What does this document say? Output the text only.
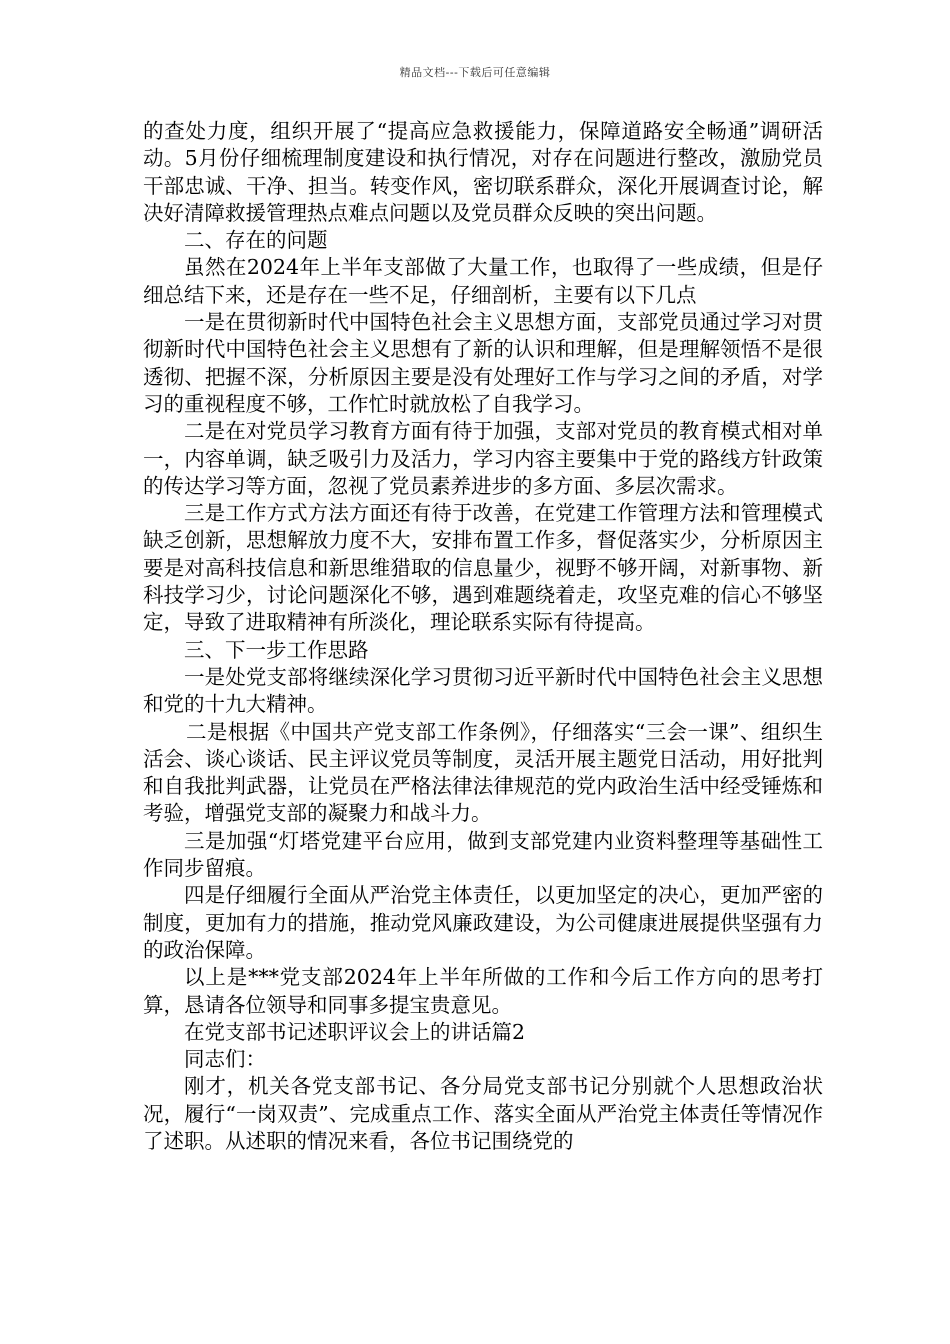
精品文档---下载后可任意编辑

的查处力度，组织开展了“提高应急救援能力，保障道路安全畅通”调研活动。5月份仔细梳理制度建设和执行情况，对存在问题进行整改，激励党员干部忠诚、干净、担当。转变作风，密切联系群众，深化开展调查讨论，解决好清障救援管理热点难点问题以及党员群众反映的突出问题。

二、存在的问题

虽然在2024年上半年支部做了大量工作，也取得了一些成绩，但是仔细总结下来，还是存在一些不足，仔细剖析，主要有以下几点

一是在贯彻新时代中国特色社会主义思想方面，支部党员通过学习对贯彻新时代中国特色社会主义思想有了新的认识和理解，但是理解领悟不是很透彻、把握不深，分析原因主要是没有处理好工作与学习之间的矛盾，对学习的重视程度不够，工作忙时就放松了自我学习。

二是在对党员学习教育方面有待于加强，支部对党员的教育模式相对单一，内容单调，缺乏吸引力及活力，学习内容主要集中于党的路线方针政策的传达学习等方面，忽视了党员素养进步的多方面、多层次需求。

三是工作方式方法方面还有待于改善，在党建工作管理方法和管理模式缺乏创新，思想解放力度不大，安排布置工作多，督促落实少，分析原因主要是对高科技信息和新思维猎取的信息量少，视野不够开阔，对新事物、新科技学习少，讨论问题深化不够，遇到难题绕着走，攻坚克难的信心不够坚定，导致了进取精神有所淡化，理论联系实际有待提高。

三、下一步工作思路

一是处党支部将继续深化学习贯彻习近平新时代中国特色社会主义思想和党的十九大精神。

二是根据《中国共产党支部工作条例》，仔细落实“三会一课”、组织生活会、谈心谈话、民主评议党员等制度，灵活开展主题党日活动，用好批判和自我批判武器，让党员在严格法律法律规范的党内政治生活中经受锤炼和考验，增强党支部的凝聚力和战斗力。

三是加强“灯塔党建平台应用，做到支部党建内业资料整理等基础性工作同步留痕。

四是仔细履行全面从严治党主体责任，以更加坚定的决心，更加严密的制度，更加有力的措施，推动党风廉政建设，为公司健康进展提供坚强有力的政治保障。

以上是***党支部2024年上半年所做的工作和今后工作方向的思考打算，恳请各位领导和同事多提宝贵意见。

在党支部书记述职评议会上的讲话篇2

同志们：

刚才，机关各党支部书记、各分局党支部书记分别就个人思想政治状况，履行“一岗双责”、完成重点工作、落实全面从严治党主体责任等情况作了述职。从述职的情况来看，各位书记围绕党的
